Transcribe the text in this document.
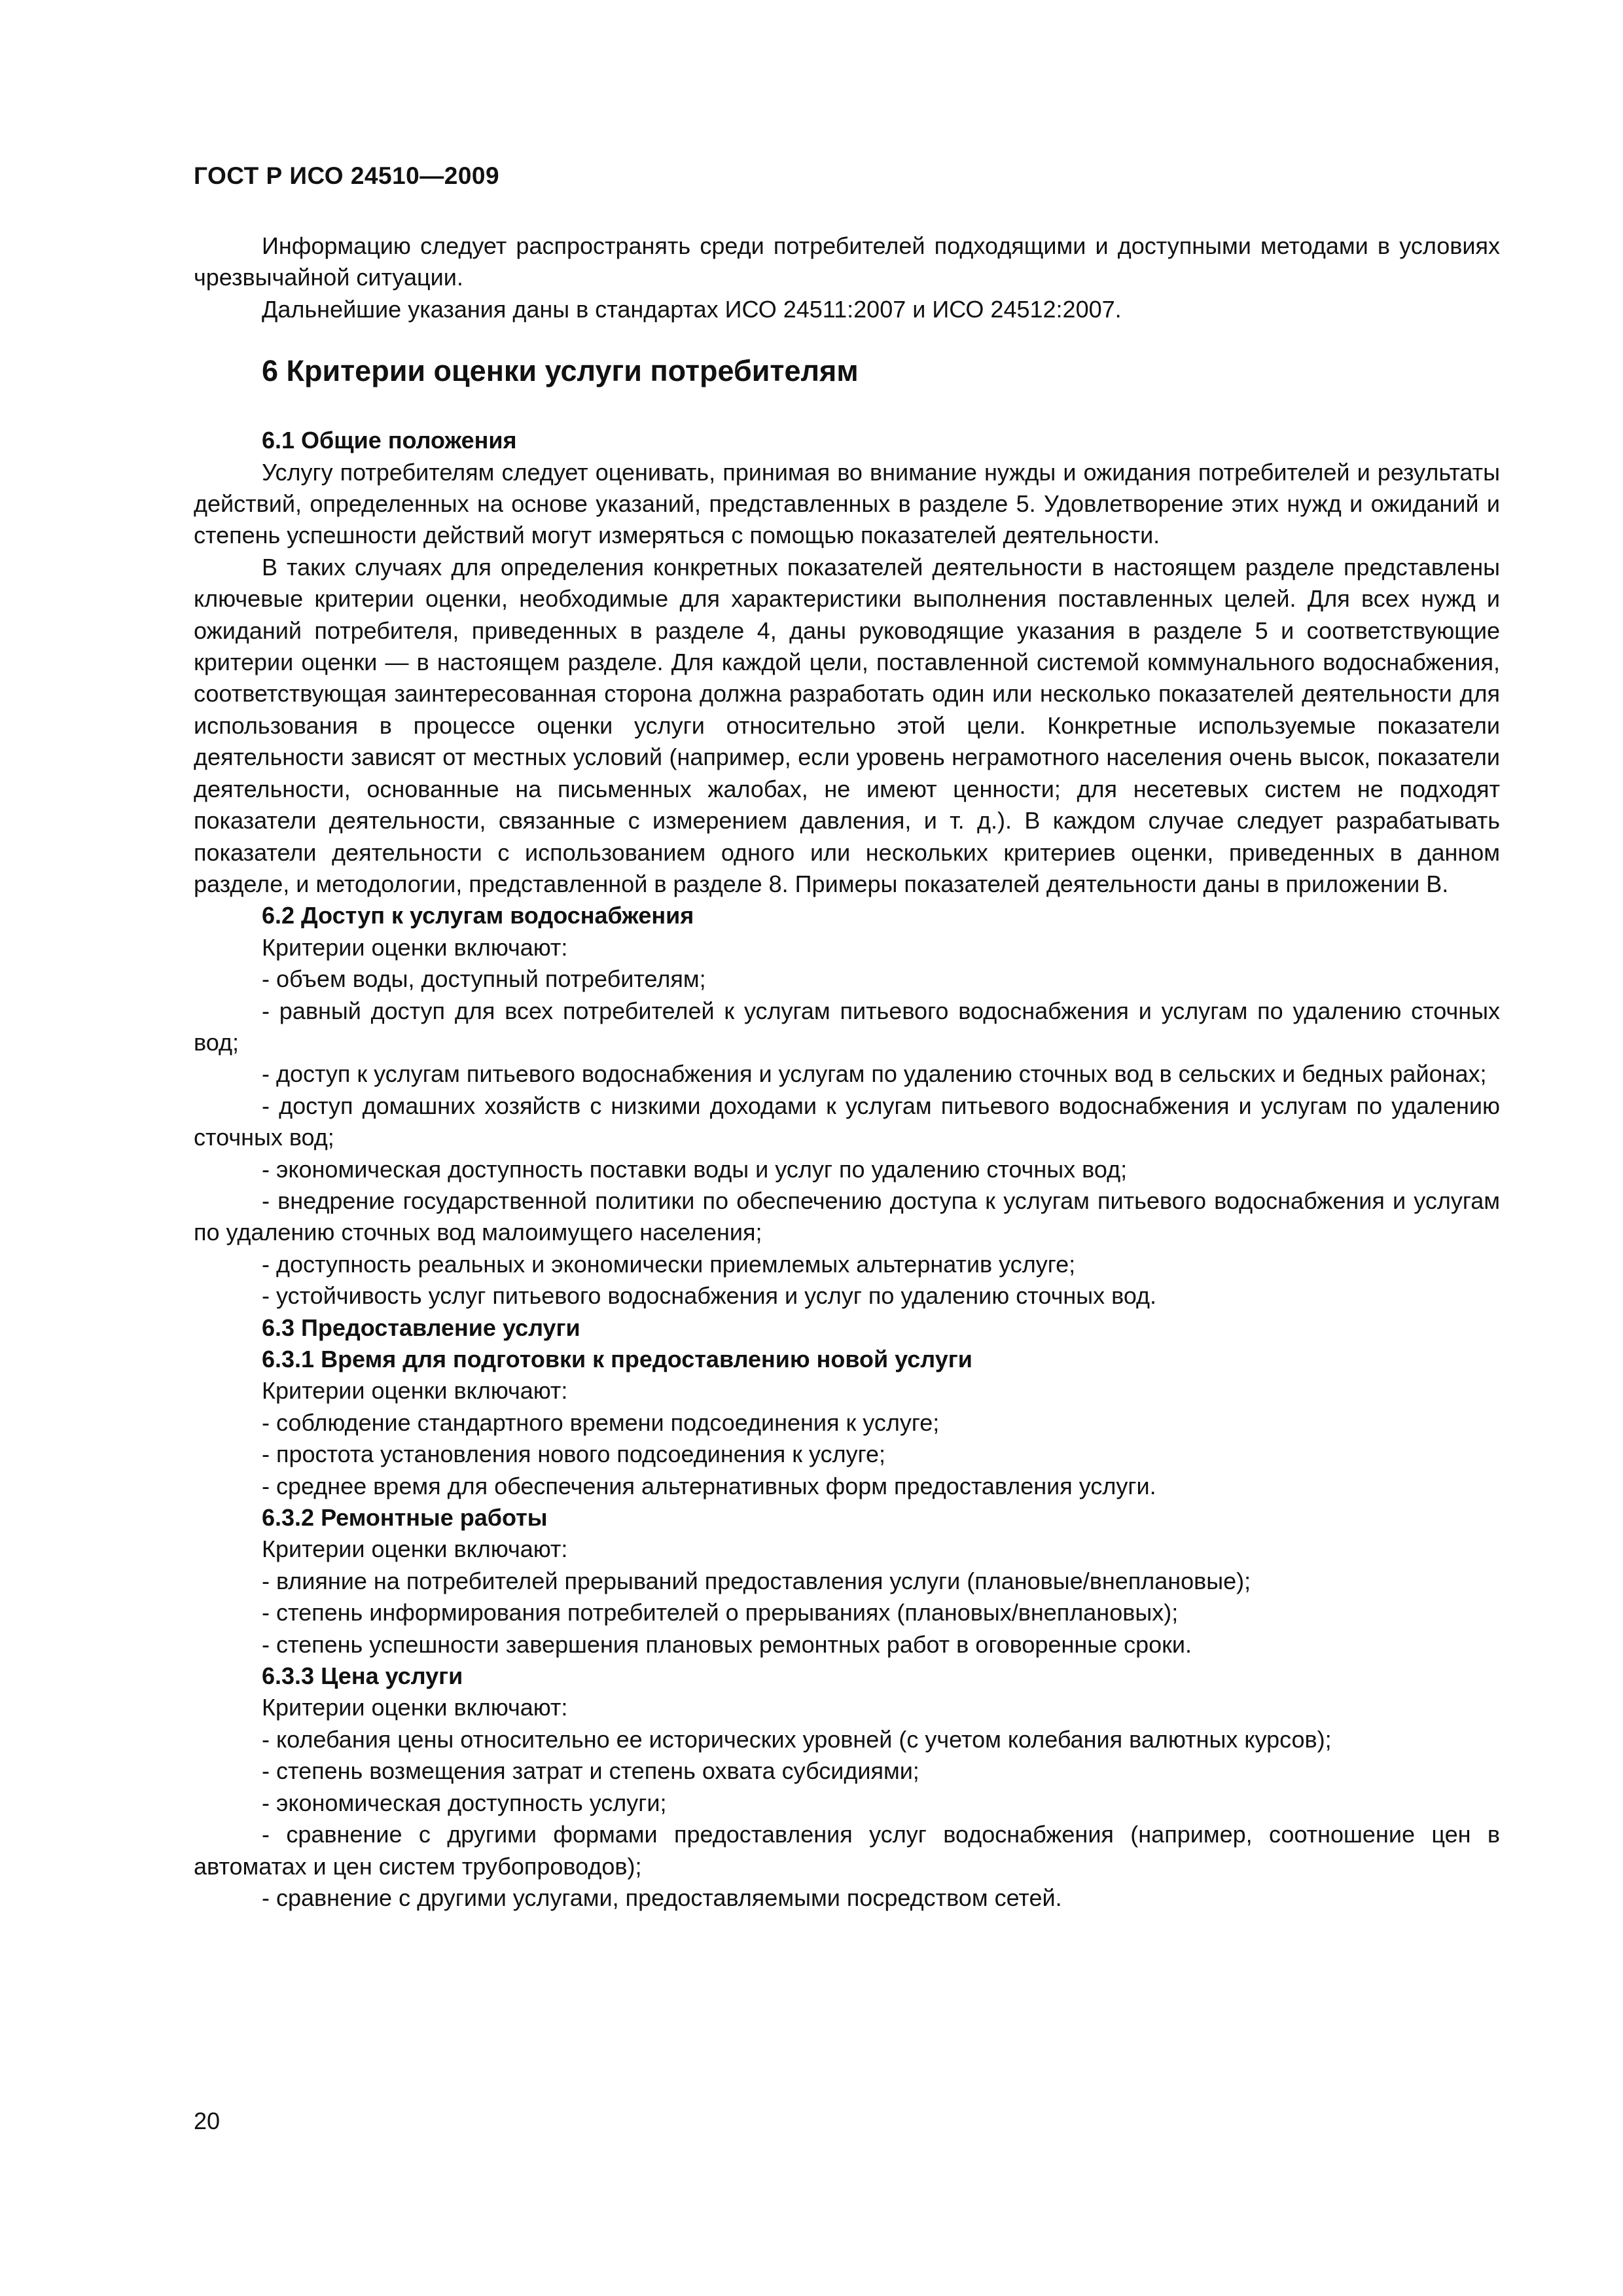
ГОСТ Р ИСО 24510—2009

Информацию следует распространять среди потребителей подходящими и доступными методами в условиях чрезвычайной ситуации.

Дальнейшие указания даны в стандартах ИСО 24511:2007 и ИСО 24512:2007.

6 Критерии оценки услуги потребителям
6.1 Общие положения

Услугу потребителям следует оценивать, принимая во внимание нужды и ожидания потребителей и результаты действий, определенных на основе указаний, представленных в разделе 5. Удовлетворение этих нужд и ожиданий и степень успешности действий могут измеряться с помощью показателей деятельности.

В таких случаях для определения конкретных показателей деятельности в настоящем разделе представлены ключевые критерии оценки, необходимые для характеристики выполнения поставленных целей. Для всех нужд и ожиданий потребителя, приведенных в разделе 4, даны руководящие указания в разделе 5 и соответствующие критерии оценки — в настоящем разделе. Для каждой цели, поставленной системой коммунального водоснабжения, соответствующая заинтересованная сторона должна разработать один или несколько показателей деятельности для использования в процессе оценки услуги относительно этой цели. Конкретные используемые показатели деятельности зависят от местных условий (например, если уровень неграмотного населения очень высок, показатели деятельности, основанные на письменных жалобах, не имеют ценности; для несетевых систем не подходят показатели деятельности, связанные с измерением давления, и т. д.). В каждом случае следует разрабатывать показатели деятельности с использованием одного или нескольких критериев оценки, приведенных в данном разделе, и методологии, представленной в разделе 8. Примеры показателей деятельности даны в приложении В.

6.2 Доступ к услугам водоснабжения

Критерии оценки включают:

- объем воды, доступный потребителям;

- равный доступ для всех потребителей к услугам питьевого водоснабжения и услугам по удалению сточных вод;

- доступ к услугам питьевого водоснабжения и услугам по удалению сточных вод в сельских и бедных районах;

- доступ домашних хозяйств с низкими доходами к услугам питьевого водоснабжения и услугам по удалению сточных вод;

- экономическая доступность поставки воды и услуг по удалению сточных вод;

- внедрение государственной политики по обеспечению доступа к услугам питьевого водоснабжения и услугам по удалению сточных вод малоимущего населения;

- доступность реальных и экономически приемлемых альтернатив услуге;

- устойчивость услуг питьевого водоснабжения и услуг по удалению сточных вод.

6.3 Предоставление услуги
6.3.1 Время для подготовки к предоставлению новой услуги

Критерии оценки включают:

- соблюдение стандартного времени подсоединения к услуге;

- простота установления нового подсоединения к услуге;

- среднее время для обеспечения альтернативных форм предоставления услуги.

6.3.2 Ремонтные работы

Критерии оценки включают:

- влияние на потребителей прерываний предоставления услуги (плановые/внеплановые);

- степень информирования потребителей о прерываниях (плановых/внеплановых);

- степень успешности завершения плановых ремонтных работ в оговоренные сроки.

6.3.3 Цена услуги

Критерии оценки включают:

- колебания цены относительно ее исторических уровней (с учетом колебания валютных курсов);

- степень возмещения затрат и степень охвата субсидиями;

- экономическая доступность услуги;

- сравнение с другими формами предоставления услуг водоснабжения (например, соотношение цен в автоматах и цен систем трубопроводов);

- сравнение с другими услугами, предоставляемыми посредством сетей.

20
